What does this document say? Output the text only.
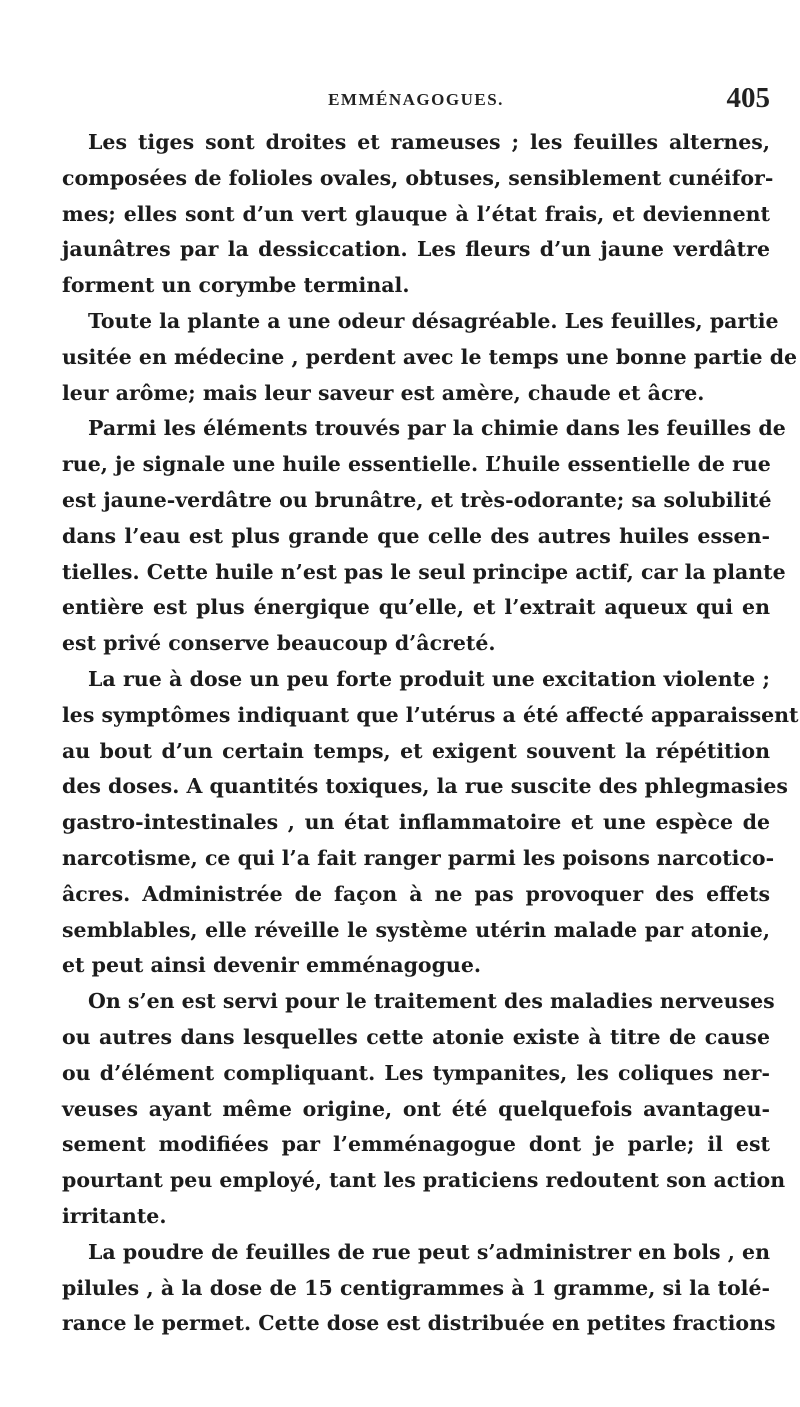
EMMÉNAGOGUES.	405
Les tiges sont droites et rameuses ; les feuilles alternes,
composées de folioles ovales, obtuses, sensiblement cunéifor-
mes; elles sont d’un vert glauque à l’état frais, et deviennent
jaunâtres par la dessiccation. Les fleurs d’un jaune verdâtre
forment un corymbe terminal.
Toute la plante a une odeur désagréable. Les feuilles, partie
usitée en médecine , perdent avec le temps une bonne partie de
leur arôme; mais leur saveur est amère, chaude et âcre.
Parmi les éléments trouvés par la chimie dans les feuilles de
rue, je signale une huile essentielle. L’huile essentielle de rue
est jaune-verdâtre ou brunâtre, et très-odorante; sa solubilité
dans l’eau est plus grande que celle des autres huiles essen-
tielles. Cette huile n’est pas le seul principe actif, car la plante
entière est plus énergique qu’elle, et l’extrait aqueux qui en
est privé conserve beaucoup d’âcreté.
La rue à dose un peu forte produit une excitation violente ;
les symptômes indiquant que l’utérus a été affecté apparaissent
au bout d’un certain temps, et exigent souvent la répétition
des doses. A quantités toxiques, la rue suscite des phlegmasies
gastro-intestinales , un état inflammatoire et une espèce de
narcotisme, ce qui l’a fait ranger parmi les poisons narcotico-
âcres. Administrée de façon à ne pas provoquer des effets
semblables, elle réveille le système utérin malade par atonie,
et peut ainsi devenir emménagogue.
On s’en est servi pour le traitement des maladies nerveuses
ou autres dans lesquelles cette atonie existe à titre de cause
ou d’élément compliquant. Les tympanites, les coliques ner-
veuses ayant même origine, ont été quelquefois avantageu-
sement modifiées par l’emménagogue dont je parle; il est
pourtant peu employé, tant les praticiens redoutent son action
irritante.
La poudre de feuilles de rue peut s’administrer en bols , en
pilules , à la dose de 15 centigrammes à 1 gramme, si la tolé-
rance le permet. Cette dose est distribuée en petites fractions
